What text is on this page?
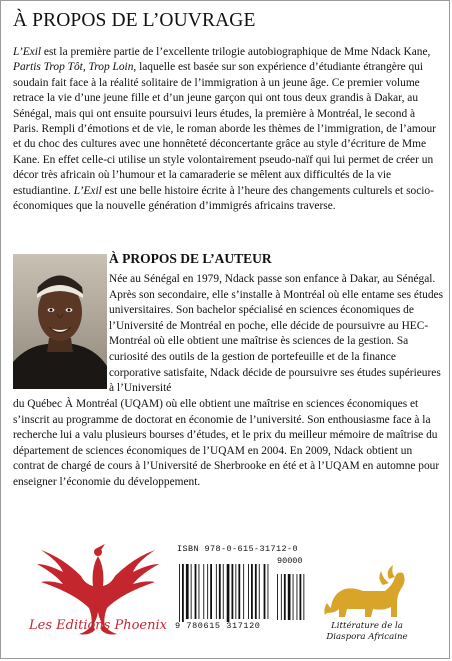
À PROPOS DE L’OUVRAGE

L’Exil est la première partie de l’excellente trilogie autobiographique de Mme Ndack Kane, Partis Trop Tôt, Trop Loin, laquelle est basée sur son expérience d’étudiante étrangère qui soudain fait face à la réalité solitaire de l’immigration à un jeune âge. Ce premier volume retrace la vie d’une jeune fille et d’un jeune garçon qui ont tous deux grandis à Dakar, au Sénégal, mais qui ont ensuite poursuivi leurs études, la première à Montréal, le second à Paris. Rempli d’émotions et de vie, le roman aborde les thèmes de l’immigration, de l’amour et du choc des cultures avec une honnêteté déconcertante grâce au style d’écriture de Mme Kane. En effet celle-ci utilise un style volontairement pseudo-naïf qui lui permet de créer un décor très africain où l’humour et la camaraderie se mêlent aux difficultés de la vie estudiantine. L’Exil est une belle histoire écrite à l’heure des changements culturels et socio-économiques que la nouvelle génération d’immigrés africains traverse.

À PROPOS DE L’AUTEUR

Née au Sénégal en 1979, Ndack passe son enfance à Dakar, au Sénégal. Après son secondaire, elle s’installe à Montréal où elle entame ses études universitaires. Son bachelor spécialisé en sciences économiques de l’Université de Montréal en poche, elle décide de poursuivre au HEC-Montréal où elle obtient une maîtrise ès sciences de la gestion. Sa curiosité des outils de la gestion de portefeuille et de la finance corporative satisfaite, Ndack décide de poursuivre ses études supérieures à l’Université

du Québec À Montréal (UQAM) où elle obtient une maîtrise en sciences économiques et s’inscrit au programme de doctorat en économie de l’université. Son enthousiasme face à la recherche lui a valu plusieurs bourses d’études, et le prix du meilleur mémoire de maîtrise du département de sciences économiques de l’UQAM en 2004. En 2009, Ndack obtient un contrat de chargé de cours à l’Université de Sherbrooke en été et à l’UQAM en automne pour enseigner l’économie du développement.

Les Editions Phoenix
ISBN 978-0-615-31712-0
90000
9 780615 317120	Littérature de la
Diaspora Africaine
